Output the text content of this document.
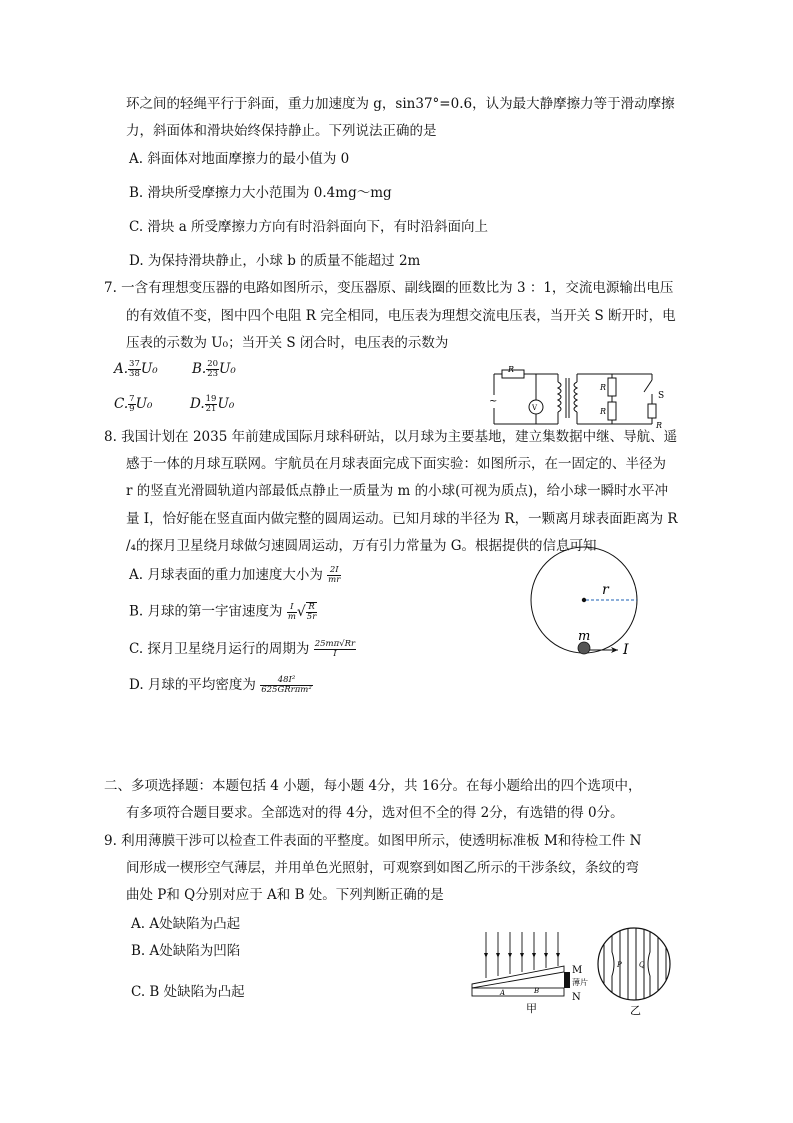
环之间的轻绳平行于斜面，重力加速度为 g，sin37°=0.6，认为最大静摩擦力等于滑动摩擦
力，斜面体和滑块始终保持静止。下列说法正确的是
A. 斜面体对地面摩擦力的最小值为 0
B. 滑块所受摩擦力大小范围为 0.4mg～mg
C. 滑块 a 所受摩擦力方向有时沿斜面向下，有时沿斜面向上
D. 为保持滑块静止，小球 b 的质量不能超过 2m
7. 一含有理想变压器的电路如图所示，变压器原、副线圈的匝数比为 3 ：1，交流电源输出电压
的有效值不变，图中四个电阻 R 完全相同，电压表为理想交流电压表，当开关 S 断开时，电
压表的示数为 U₀；当开关 S 闭合时，电压表的示数为
A. $\frac{37}{38} U_0$	B. $\frac{20}{23} U_0$
C. $\frac{7}{9} U_0$	D. $\frac{19}{21} U_0$
R
~
V
R
R
S
R
8. 我国计划在 2035 年前建成国际月球科研站，以月球为主要基地，建立集数据中继、导航、遥
感于一体的月球互联网。宇航员在月球表面完成下面实验：如图所示，在一固定的、半径为
r 的竖直光滑圆轨道内部最低点静止一质量为 m 的小球(可视为质点)，给小球一瞬时水平冲
量 I，恰好能在竖直面内做完整的圆周运动。已知月球的半径为 R，一颗离月球表面距离为 R
/₄的探月卫星绕月球做匀速圆周运动，万有引力常量为 G。根据提供的信息可知
A. 月球表面的重力加速度大小为 $\frac{2I}{mr}$
B. 月球的第一宇宙速度为 $\frac{I}{m}$ √ $\frac{R}{5r}$
C. 探月卫星绕月运行的周期为 $\frac{25m\pi√Rr}{I}$
D. 月球的平均密度为 $\frac{\text{48I²}}{\text{625GRrπm²}}$
r
m
I
二、多项选择题：本题包括 4 小题，每小题 4分，共 16分。在每小题给出的四个选项中，
有多项符合题目要求。全部选对的得 4分，选对但不全的得 2分，有选错的得 0分。
9. 利用薄膜干涉可以检查工件表面的平整度。如图甲所示，使透明标准板 M和待检工件 N
间形成一楔形空气薄层，并用单色光照射，可观察到如图乙所示的干涉条纹，条纹的弯
曲处 P和 Q分别对应于 A和 B 处。下列判断正确的是
A. A处缺陷为凸起
B. A处缺陷为凹陷
C. B 处缺陷为凸起
M
薄片
N
A	B
甲
P Q
乙
